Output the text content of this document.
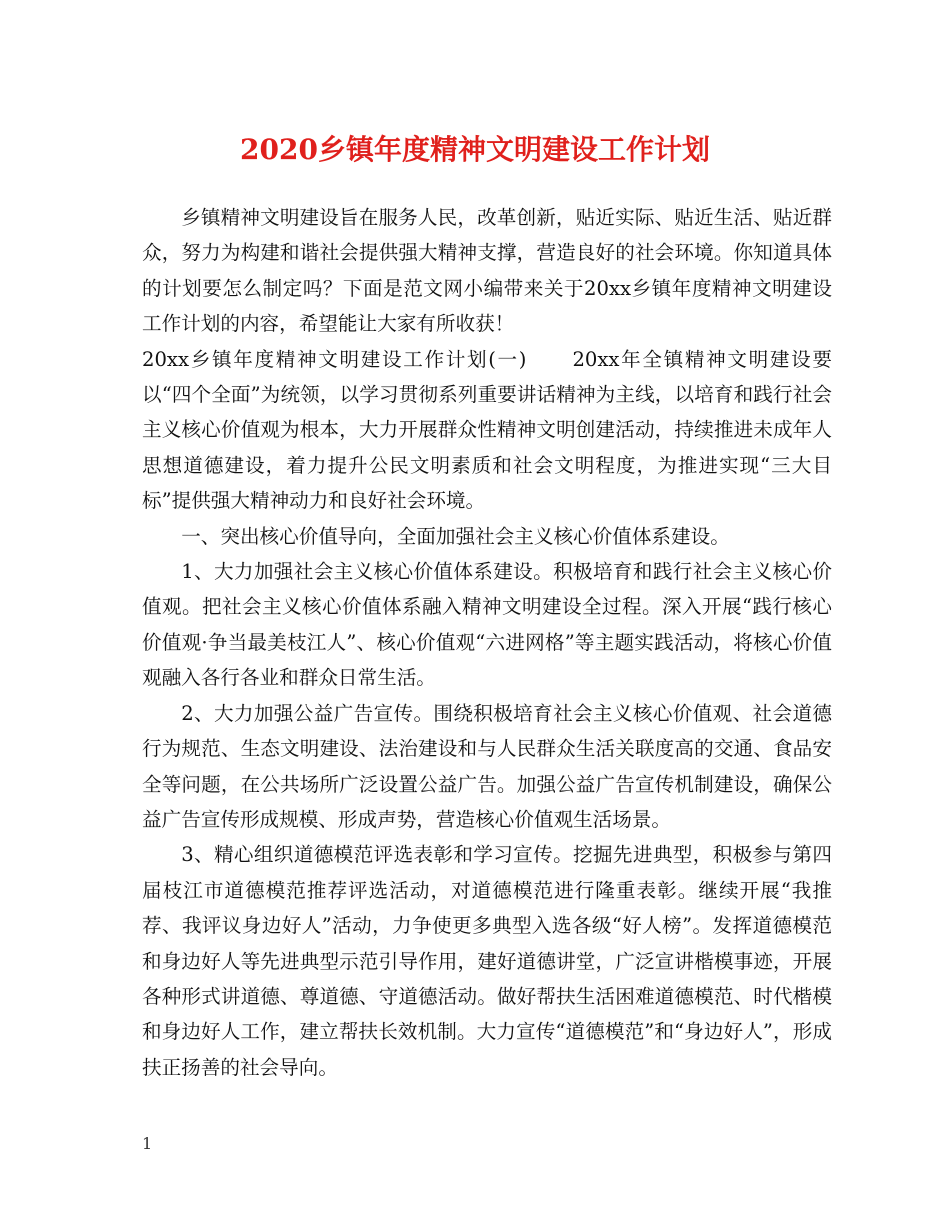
2020乡镇年度精神文明建设工作计划

乡镇精神文明建设旨在服务人民，改革创新，贴近实际、贴近生活、贴近群众，努力为构建和谐社会提供强大精神支撑，营造良好的社会环境。你知道具体的计划要怎么制定吗？下面是范文网小编带来关于20xx乡镇年度精神文明建设工作计划的内容，希望能让大家有所收获！

20xx乡镇年度精神文明建设工作计划(一) 20xx年全镇精神文明建设要以“四个全面”为统领，以学习贯彻系列重要讲话精神为主线，以培育和践行社会主义核心价值观为根本，大力开展群众性精神文明创建活动，持续推进未成年人思想道德建设，着力提升公民文明素质和社会文明程度，为推进实现“三大目标”提供强大精神动力和良好社会环境。

一、突出核心价值导向，全面加强社会主义核心价值体系建设。

1、大力加强社会主义核心价值体系建设。积极培育和践行社会主义核心价值观。把社会主义核心价值体系融入精神文明建设全过程。深入开展“践行核心价值观·争当最美枝江人”、核心价值观“六进网格”等主题实践活动，将核心价值观融入各行各业和群众日常生活。

2、大力加强公益广告宣传。围绕积极培育社会主义核心价值观、社会道德行为规范、生态文明建设、法治建设和与人民群众生活关联度高的交通、食品安全等问题，在公共场所广泛设置公益广告。加强公益广告宣传机制建设，确保公益广告宣传形成规模、形成声势，营造核心价值观生活场景。

3、精心组织道德模范评选表彰和学习宣传。挖掘先进典型，积极参与第四届枝江市道德模范推荐评选活动，对道德模范进行隆重表彰。继续开展“我推荐、我评议身边好人”活动，力争使更多典型入选各级“好人榜”。发挥道德模范和身边好人等先进典型示范引导作用，建好道德讲堂，广泛宣讲楷模事迹，开展各种形式讲道德、尊道德、守道德活动。做好帮扶生活困难道德模范、时代楷模和身边好人工作，建立帮扶长效机制。大力宣传“道德模范”和“身边好人”，形成扶正扬善的社会导向。

1
